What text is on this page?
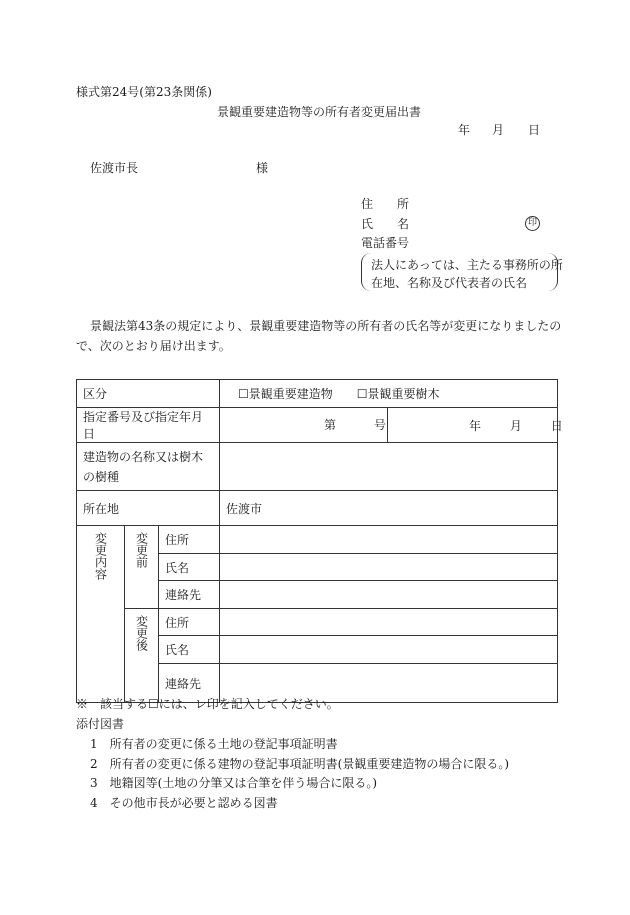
様式第24号(第23条関係)
景観重要建造物等の所有者変更届出書
年 月 日
佐渡市長	様
住　　所
氏　　名	印
電話番号
法人にあっては、主たる事務所の所
在地、名称及び代表者の氏名
景観法第43条の規定により、景観重要建造物等の所有者の氏名等が変更になりましたの
で、次のとおり届け出ます。
区分			☐景観重要建造物　　☐景観重要樹木	
指定番号及び指定年月日			第 号	年 月 日
建造物の名称又は樹木の樹種				
所在地			佐渡市	

変更内容	変更前	住所		
		氏名		
		連絡先		

	変更後	住所		
		氏名		
		連絡先		
※　該当する☐には、レ印を記入してください。
添付図書
1　所有者の変更に係る土地の登記事項証明書
2　所有者の変更に係る建物の登記事項証明書(景観重要建造物の場合に限る。)
3　地籍図等(土地の分筆又は合筆を伴う場合に限る。)
4　その他市長が必要と認める図書
